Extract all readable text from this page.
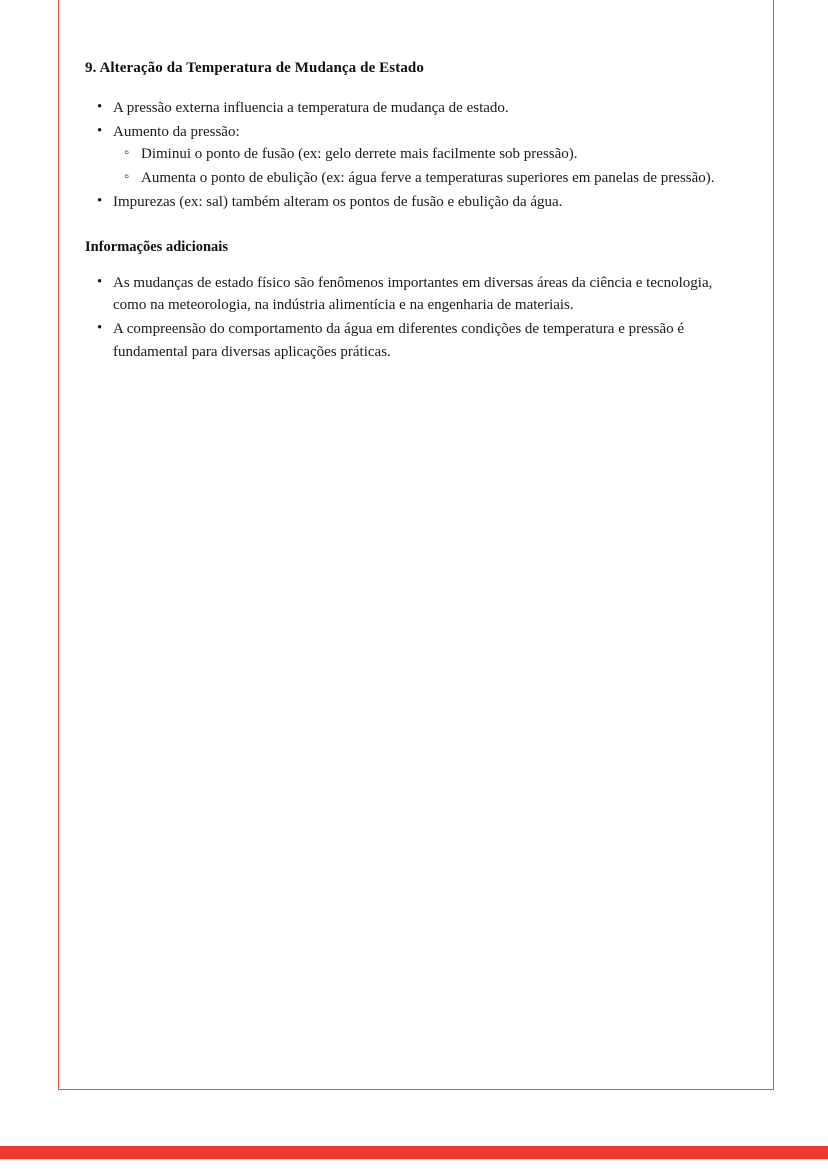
9. Alteração da Temperatura de Mudança de Estado
• A pressão externa influencia a temperatura de mudança de estado.
• Aumento da pressão:
◦ Diminui o ponto de fusão (ex: gelo derrete mais facilmente sob pressão).
◦ Aumenta o ponto de ebulição (ex: água ferve a temperaturas superiores em panelas de pressão).
• Impurezas (ex: sal) também alteram os pontos de fusão e ebulição da água.
Informações adicionais
• As mudanças de estado físico são fenômenos importantes em diversas áreas da ciência e tecnologia, como na meteorologia, na indústria alimentícia e na engenharia de materiais.
• A compreensão do comportamento da água em diferentes condições de temperatura e pressão é fundamental para diversas aplicações práticas.
